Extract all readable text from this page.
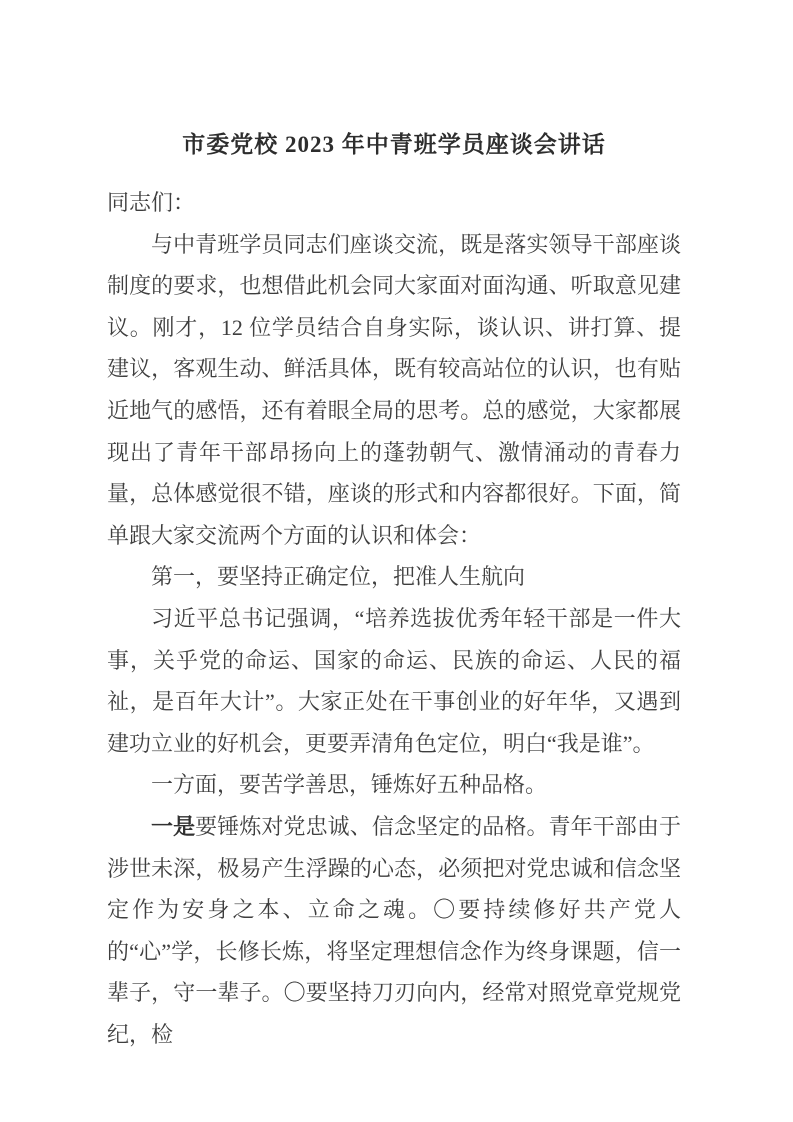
市委党校 2023 年中青班学员座谈会讲话

同志们：

与中青班学员同志们座谈交流，既是落实领导干部座谈制度的要求，也想借此机会同大家面对面沟通、听取意见建议。刚才，12 位学员结合自身实际，谈认识、讲打算、提建议，客观生动、鲜活具体，既有较高站位的认识，也有贴近地气的感悟，还有着眼全局的思考。总的感觉，大家都展现出了青年干部昂扬向上的蓬勃朝气、激情涌动的青春力量，总体感觉很不错，座谈的形式和内容都很好。下面，简单跟大家交流两个方面的认识和体会：

第一，要坚持正确定位，把准人生航向

习近平总书记强调，“培养选拔优秀年轻干部是一件大事，关乎党的命运、国家的命运、民族的命运、人民的福祉，是百年大计”。大家正处在干事创业的好年华，又遇到建功立业的好机会，更要弄清角色定位，明白“我是谁”。

一方面，要苦学善思，锤炼好五种品格。

一是要锤炼对党忠诚、信念坚定的品格。青年干部由于涉世未深，极易产生浮躁的心态，必须把对党忠诚和信念坚定作为安身之本、立命之魂。〇要持续修好共产党人的“心”学，长修长炼，将坚定理想信念作为终身课题，信一辈子，守一辈子。〇要坚持刀刃向内，经常对照党章党规党纪，检
